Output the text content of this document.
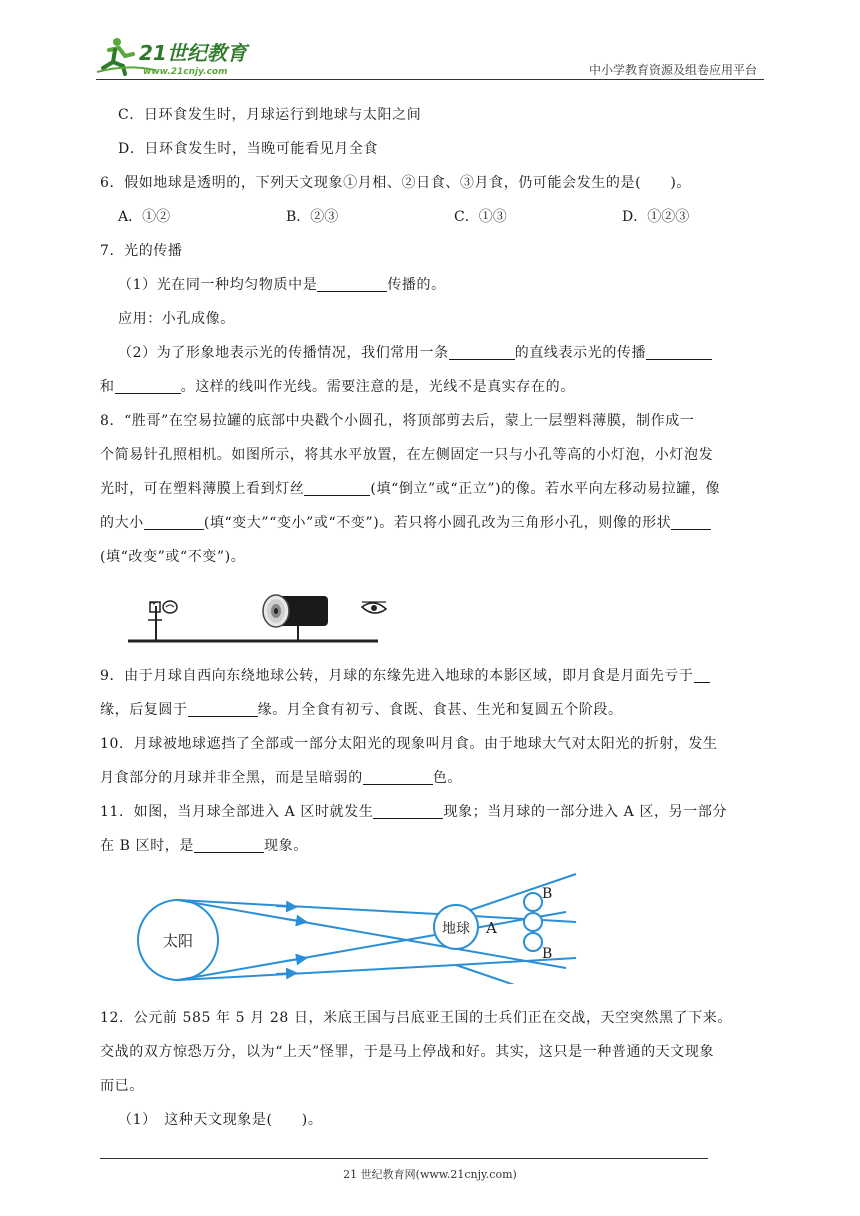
21世纪教育
www.21cnjy.com	中小学教育资源及组卷应用平台
C．日环食发生时，月球运行到地球与太阳之间
D．日环食发生时，当晚可能看见月全食
6．假如地球是透明的，下列天文现象①月相、②日食、③月食，仍可能会发生的是(　　)。
A．①②	B．②③	C．①③	D．①②③
7．光的传播
（1）光在同一种均匀物质中是	传播的。
应用：小孔成像。
（2）为了形象地表示光的传播情况，我们常用一条	的直线表示光的传播
和	。这样的线叫作光线。需要注意的是，光线不是真实存在的。
8．“胜哥”在空易拉罐的底部中央戳个小圆孔，将顶部剪去后，蒙上一层塑料薄膜，制作成一
个简易针孔照相机。如图所示，将其水平放置，在左侧固定一只与小孔等高的小灯泡，小灯泡发
光时，可在塑料薄膜上看到灯丝	(填“倒立”或“正立”)的像。若水平向左移动易拉罐，像
的大小	(填“变大”“变小”或“不变”)。若只将小圆孔改为三角形小孔，则像的形状
(填“改变”或“不变”)。
9．由于月球自西向东绕地球公转，月球的东缘先进入地球的本影区域，即月食是月面先亏于
缘，后复圆于	缘。月全食有初亏、食既、食甚、生光和复圆五个阶段。
10．月球被地球遮挡了全部或一部分太阳光的现象叫月食。由于地球大气对太阳光的折射，发生
月食部分的月球并非全黑，而是呈暗弱的	色。
11．如图，当月球全部进入 A 区时就发生	现象；当月球的一部分进入 A 区，另一部分
在 B 区时，是	现象。
太阳
地球 A
B
B
12．公元前 585 年 5 月 28 日，米底王国与吕底亚王国的士兵们正在交战，天空突然黑了下来。
交战的双方惊恐万分，以为“上天”怪罪，于是马上停战和好。其实，这只是一种普通的天文现象
而已。
（1）　这种天文现象是(　　)。
21 世纪教育网(www.21cnjy.com)
